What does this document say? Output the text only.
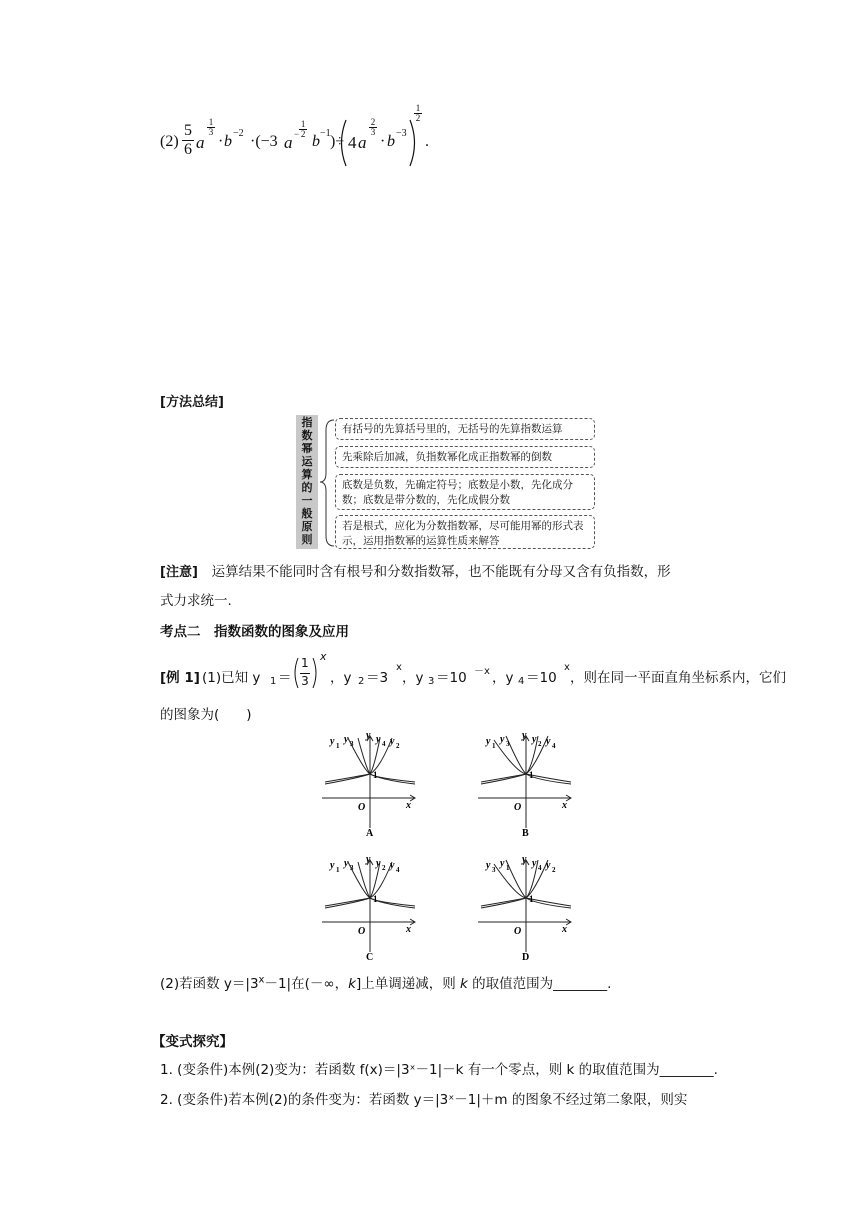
(2)
5
6 a
1
3
· b −2 ·(−3 $a -\frac{1}{2}$
b −1 )÷ 4 a
2
3
· b −3
1
2
.
[方法总结]
指
数
幂
运
算
的
一
般
原
则
有括号的先算括号里的，无括号的先算指数运算
先乘除后加减，负指数幂化成正指数幂的倒数
底数是负数，先确定符号；底数是小数，先化成分数；底数是带分数的，先化成假分数
若是根式，应化为分数指数幂，尽可能用幂的形式表示，运用指数幂的运算性质来解答
[注意] 运算结果不能同时含有根号和分数指数幂，也不能既有分母又含有负指数，形
式力求统一.
考点二　指数函数的图象及应用
[例 1] (1)已知 y 1 ＝
1
3
x
，y 2 ＝3
x
，y 3 ＝10 －x ，y 4 ＝10
x
，则在同一平面直角坐标系内，它们
的图象为(　　)
y 1
y 3
y y 4 y 2
1
O	x
A
y 1
y 3
y y 2 y 4
1
O	x
B
y 1
y 3
y y 2 y 4
1
O	x
C
y 3
y 1
y y 4 y 2
1
O	x
D
(2)若函数 $y=|3^x-1|$在(－∞，k]上单调递减，则 k 的取值范围为________.
【变式探究】
1. (变条件)本例(2)变为：若函数 f(x)＝|3ˣ－1|－k 有一个零点，则 k 的取值范围为________.
2. (变条件)若本例(2)的条件变为：若函数 y＝|3ˣ－1|＋m 的图象不经过第二象限，则实
